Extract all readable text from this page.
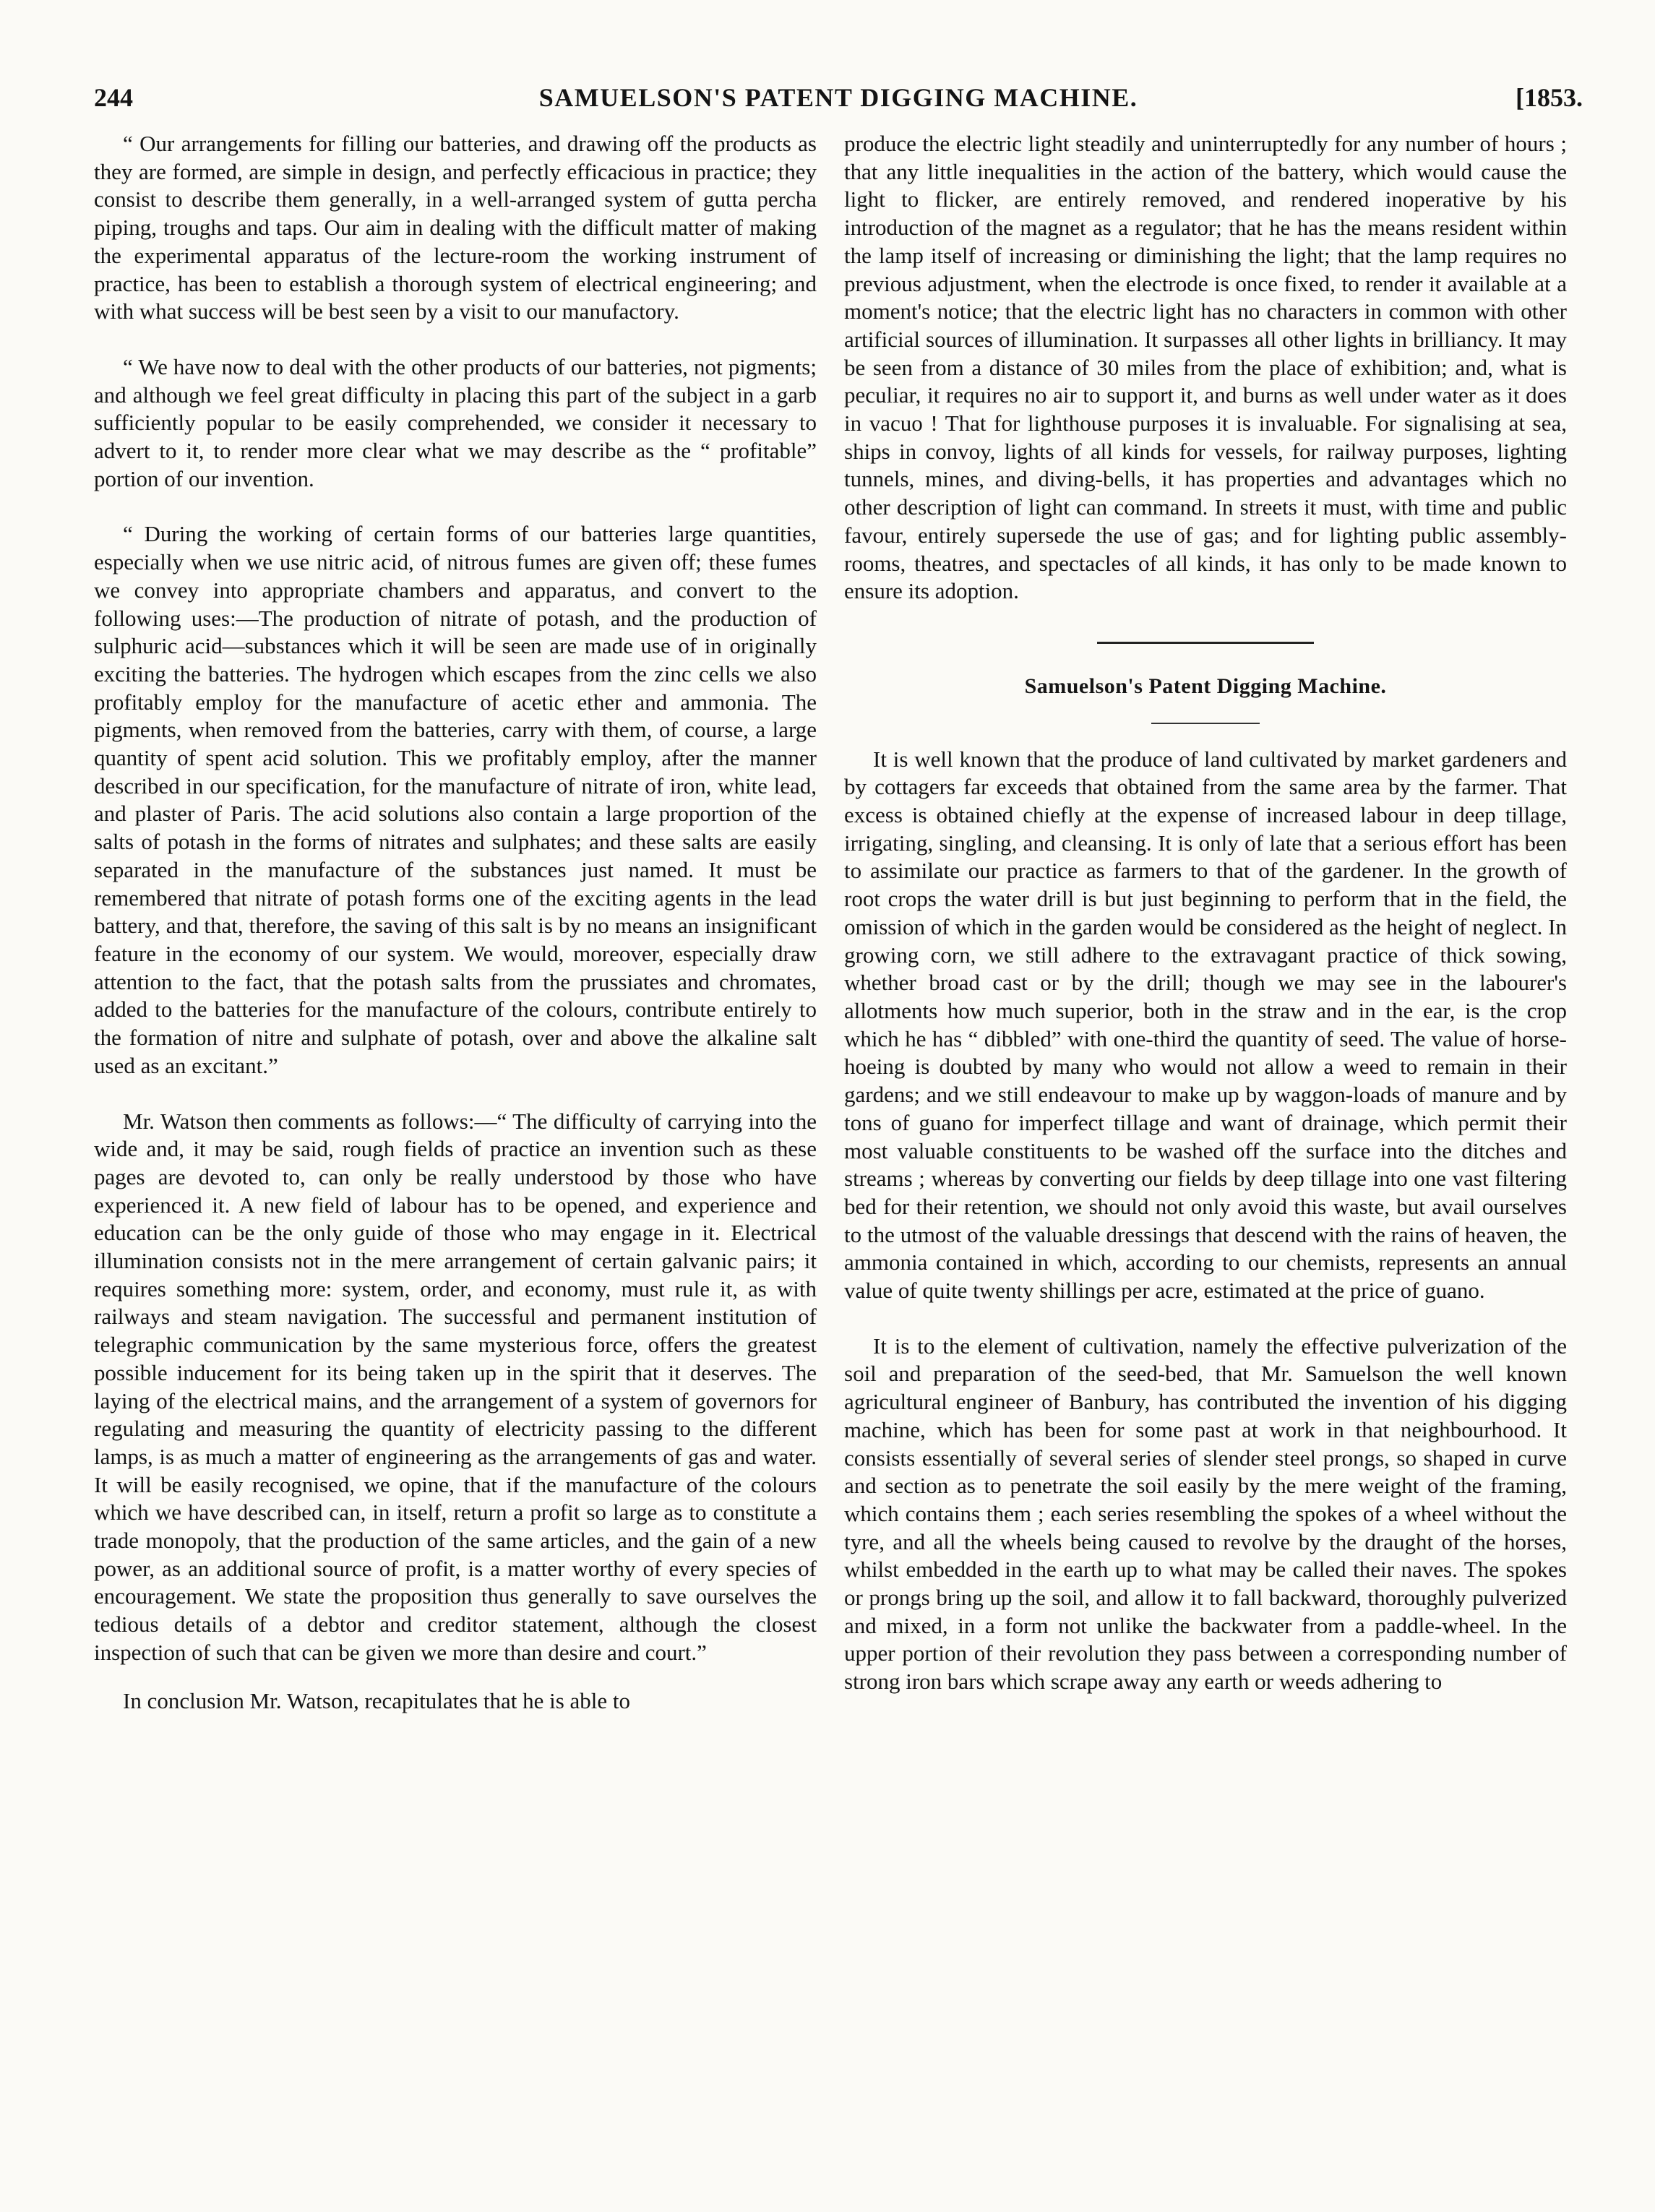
244	SAMUELSON'S PATENT DIGGING MACHINE.	[1853.

“ Our arrangements for filling our batteries, and drawing off the products as they are formed, are simple in design, and perfectly efficacious in practice; they consist to describe them generally, in a well-arranged system of gutta percha piping, troughs and taps. Our aim in dealing with the difficult matter of making the experimental apparatus of the lecture-room the working instrument of practice, has been to establish a thorough system of electrical engineering; and with what success will be best seen by a visit to our manufactory.

“ We have now to deal with the other products of our batteries, not pigments; and although we feel great difficulty in placing this part of the subject in a garb sufficiently popular to be easily comprehended, we consider it necessary to advert to it, to render more clear what we may describe as the “ profitable” portion of our invention.

“ During the working of certain forms of our batteries large quantities, especially when we use nitric acid, of nitrous fumes are given off; these fumes we convey into appropriate chambers and apparatus, and convert to the following uses:—The production of nitrate of potash, and the production of sulphuric acid—substances which it will be seen are made use of in originally exciting the batteries. The hydrogen which escapes from the zinc cells we also profitably employ for the manufacture of acetic ether and ammonia. The pigments, when removed from the batteries, carry with them, of course, a large quantity of spent acid solution. This we profitably employ, after the manner described in our specification, for the manufacture of nitrate of iron, white lead, and plaster of Paris. The acid solutions also contain a large proportion of the salts of potash in the forms of nitrates and sulphates; and these salts are easily separated in the manufacture of the substances just named. It must be remembered that nitrate of potash forms one of the exciting agents in the lead battery, and that, therefore, the saving of this salt is by no means an insignificant feature in the economy of our system. We would, moreover, especially draw attention to the fact, that the potash salts from the prussiates and chromates, added to the batteries for the manufacture of the colours, contribute entirely to the formation of nitre and sulphate of potash, over and above the alkaline salt used as an excitant.”

Mr. Watson then comments as follows:—“ The difficulty of carrying into the wide and, it may be said, rough fields of practice an invention such as these pages are devoted to, can only be really understood by those who have experienced it. A new field of labour has to be opened, and experience and education can be the only guide of those who may engage in it. Electrical illumination consists not in the mere arrangement of certain galvanic pairs; it requires something more: system, order, and economy, must rule it, as with railways and steam navigation. The successful and permanent institution of telegraphic communication by the same mysterious force, offers the greatest possible inducement for its being taken up in the spirit that it deserves. The laying of the electrical mains, and the arrangement of a system of governors for regulating and measuring the quantity of electricity passing to the different lamps, is as much a matter of engineering as the arrangements of gas and water. It will be easily recognised, we opine, that if the manufacture of the colours which we have described can, in itself, return a profit so large as to constitute a trade monopoly, that the production of the same articles, and the gain of a new power, as an additional source of profit, is a matter worthy of every species of encouragement. We state the proposition thus generally to save ourselves the tedious details of a debtor and creditor statement, although the closest inspection of such that can be given we more than desire and court.”

In conclusion Mr. Watson, recapitulates that he is able to

produce the electric light steadily and uninterruptedly for any number of hours ; that any little inequalities in the action of the battery, which would cause the light to flicker, are entirely removed, and rendered inoperative by his introduction of the magnet as a regulator; that he has the means resident within the lamp itself of increasing or diminishing the light; that the lamp requires no previous adjustment, when the electrode is once fixed, to render it available at a moment's notice; that the electric light has no characters in common with other artificial sources of illumination. It surpasses all other lights in brilliancy. It may be seen from a distance of 30 miles from the place of exhibition; and, what is peculiar, it requires no air to support it, and burns as well under water as it does in vacuo ! That for lighthouse purposes it is invaluable. For signalising at sea, ships in convoy, lights of all kinds for vessels, for railway purposes, lighting tunnels, mines, and diving-bells, it has properties and advantages which no other description of light can command. In streets it must, with time and public favour, entirely supersede the use of gas; and for lighting public assembly-rooms, theatres, and spectacles of all kinds, it has only to be made known to ensure its adoption.

Samuelson's Patent Digging Machine.

It is well known that the produce of land cultivated by market gardeners and by cottagers far exceeds that obtained from the same area by the farmer. That excess is obtained chiefly at the expense of increased labour in deep tillage, irrigating, singling, and cleansing. It is only of late that a serious effort has been to assimilate our practice as farmers to that of the gardener. In the growth of root crops the water drill is but just beginning to perform that in the field, the omission of which in the garden would be considered as the height of neglect. In growing corn, we still adhere to the extravagant practice of thick sowing, whether broad cast or by the drill; though we may see in the labourer's allotments how much superior, both in the straw and in the ear, is the crop which he has “ dibbled” with one-third the quantity of seed. The value of horse-hoeing is doubted by many who would not allow a weed to remain in their gardens; and we still endeavour to make up by waggon-loads of manure and by tons of guano for imperfect tillage and want of drainage, which permit their most valuable constituents to be washed off the surface into the ditches and streams ; whereas by converting our fields by deep tillage into one vast filtering bed for their retention, we should not only avoid this waste, but avail ourselves to the utmost of the valuable dressings that descend with the rains of heaven, the ammonia contained in which, according to our chemists, represents an annual value of quite twenty shillings per acre, estimated at the price of guano.

It is to the element of cultivation, namely the effective pulverization of the soil and preparation of the seed-bed, that Mr. Samuelson the well known agricultural engineer of Banbury, has contributed the invention of his digging machine, which has been for some past at work in that neighbourhood. It consists essentially of several series of slender steel prongs, so shaped in curve and section as to penetrate the soil easily by the mere weight of the framing, which contains them ; each series resembling the spokes of a wheel without the tyre, and all the wheels being caused to revolve by the draught of the horses, whilst embedded in the earth up to what may be called their naves. The spokes or prongs bring up the soil, and allow it to fall backward, thoroughly pulverized and mixed, in a form not unlike the backwater from a paddle-wheel. In the upper portion of their revolution they pass between a corresponding number of strong iron bars which scrape away any earth or weeds adhering to
